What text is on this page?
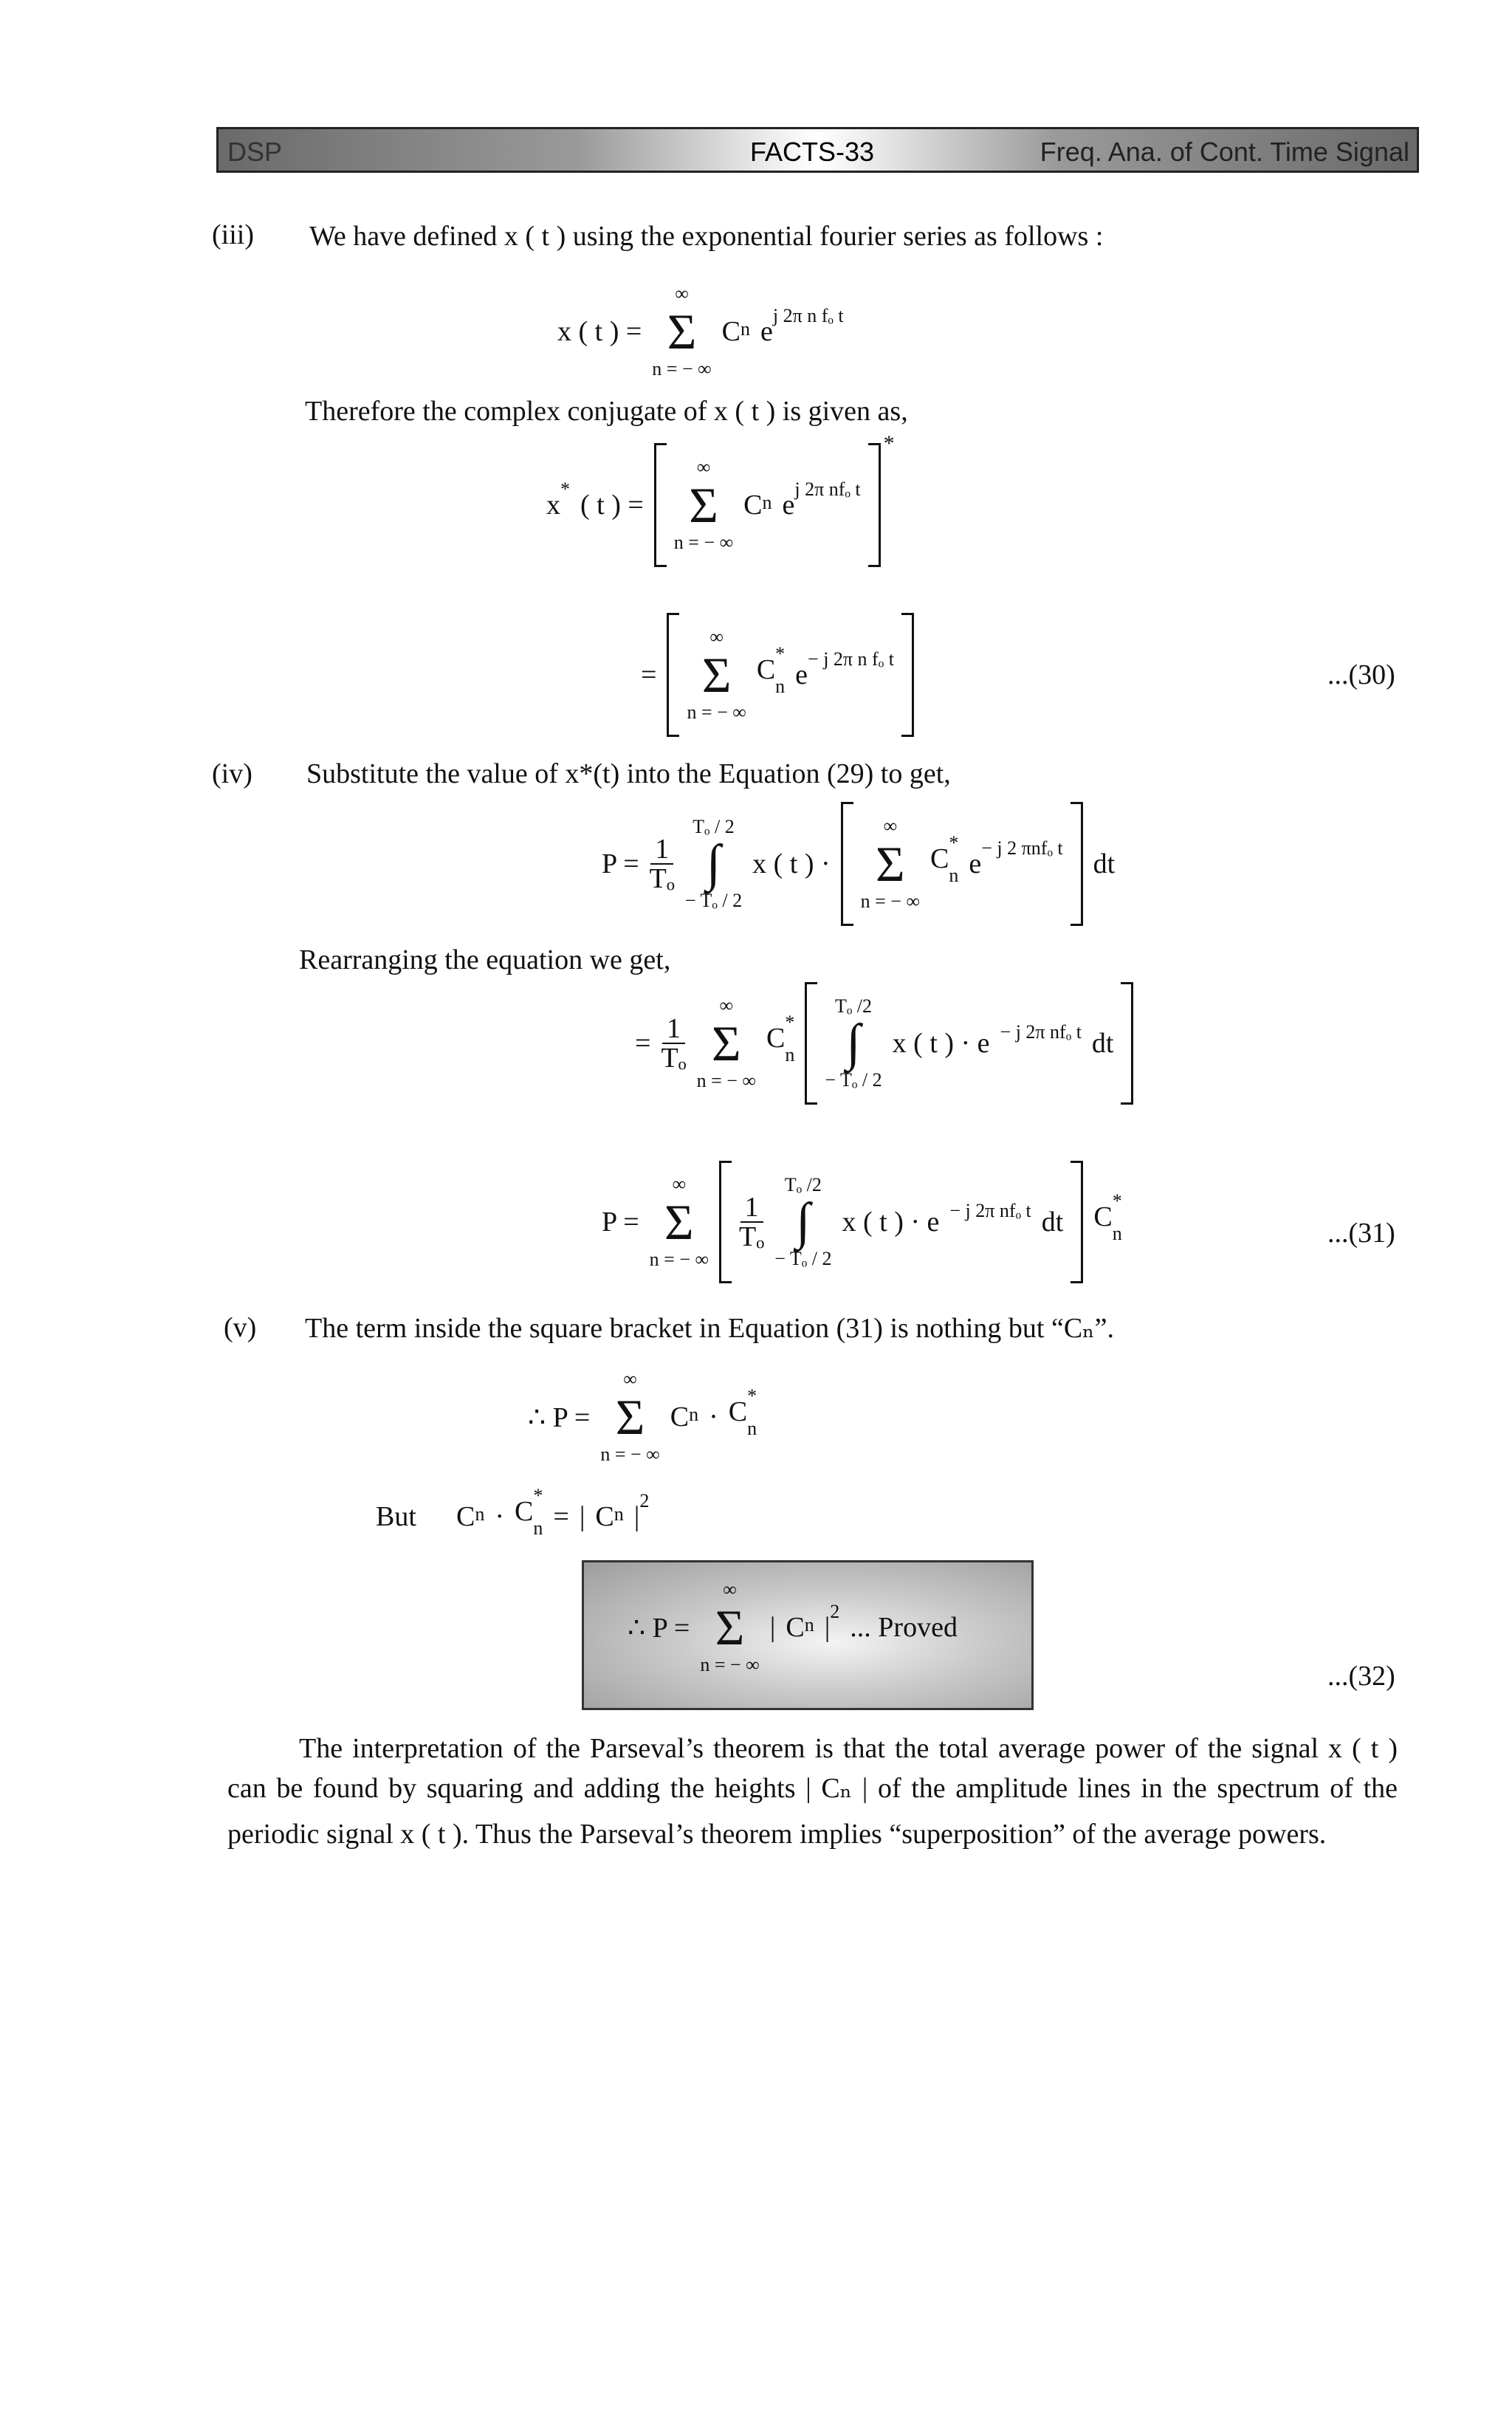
DSP	FACTS-33	Freq. Ana. of Cont. Time Signal
(iii) We have defined x ( t ) using the exponential fourier series as follows :
x ( t ) =
∞
Σ
n = − ∞
C n e
j 2π n fₒ t
Therefore the complex conjugate of x ( t ) is given as,
x
*
( t ) =
∞
Σ
n = − ∞
C n e
j 2π nfₒ t
*
=
∞
Σ
n = − ∞
C
*
n e
− j 2π n fₒ t
...(30)
(iv) Substitute the value of x*(t) into the Equation (29) to get,
$P = \frac{1}{\text{Tₒ}}$
Tₒ / 2
∫
− Tₒ / 2
x ( t ) ·
∞
Σ
n = − ∞
C
*
n e
− j 2 πnfₒ t
dt
Rearranging the equation we get,
= $\frac{1}{\text{Tₒ}}$
∞
Σ
n = − ∞
C
*
n
Tₒ /2
∫
− Tₒ / 2
x ( t ) · e − j 2π nfₒ t dt
P =
∞
Σ
n = − ∞
$\frac{1}{\text{Tₒ}}$
Tₒ /2
∫
− Tₒ / 2
x ( t ) · e − j 2π nfₒ t dt C
*
n	...(31)
(v) The term inside the square bracket in Equation (31) is nothing but “Cₙ”.
∴ P =
∞
Σ
n = − ∞
C n · C
*
n
But C n · C
*
n = | C n |
2
∴ P =
∞
Σ
n = − ∞
| C n |
2
... Proved
...(32)
The interpretation of the Parseval’s theorem is that the total average power of the signal x ( t )
can be found by squaring and adding the heights | Cₙ | of the amplitude lines in the spectrum of the
periodic signal x ( t ). Thus the Parseval’s theorem implies “superposition” of the average powers.
